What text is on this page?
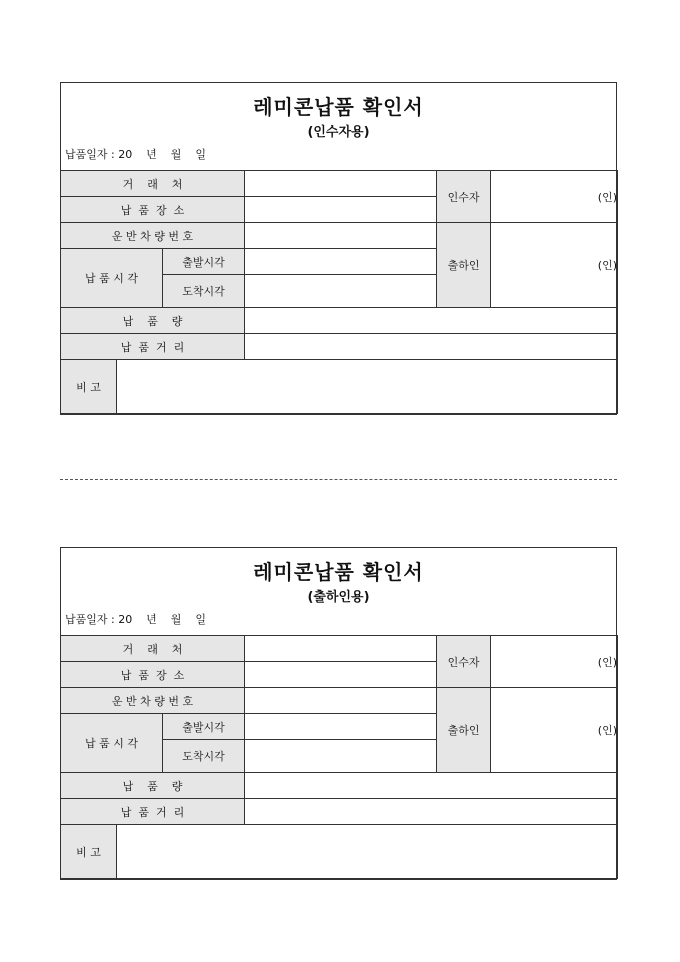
레미콘납품 확인서
(인수자용)
납품일자 : 20    년    월    일
거    래    처				인수자	(인)
납  품  장  소					
운 반 차 량 번 호				출하인	(인)
납 품 시 각		출발시각			
		도착시각			
납    품    량					
납  품  거  리					
비 고					
레미콘납품 확인서
(출하인용)
납품일자 : 20    년    월    일
거    래    처				인수자	(인)
납  품  장  소					
운 반 차 량 번 호				출하인	(인)
납 품 시 각		출발시각			
		도착시각			
납    품    량					
납  품  거  리					
비 고					
